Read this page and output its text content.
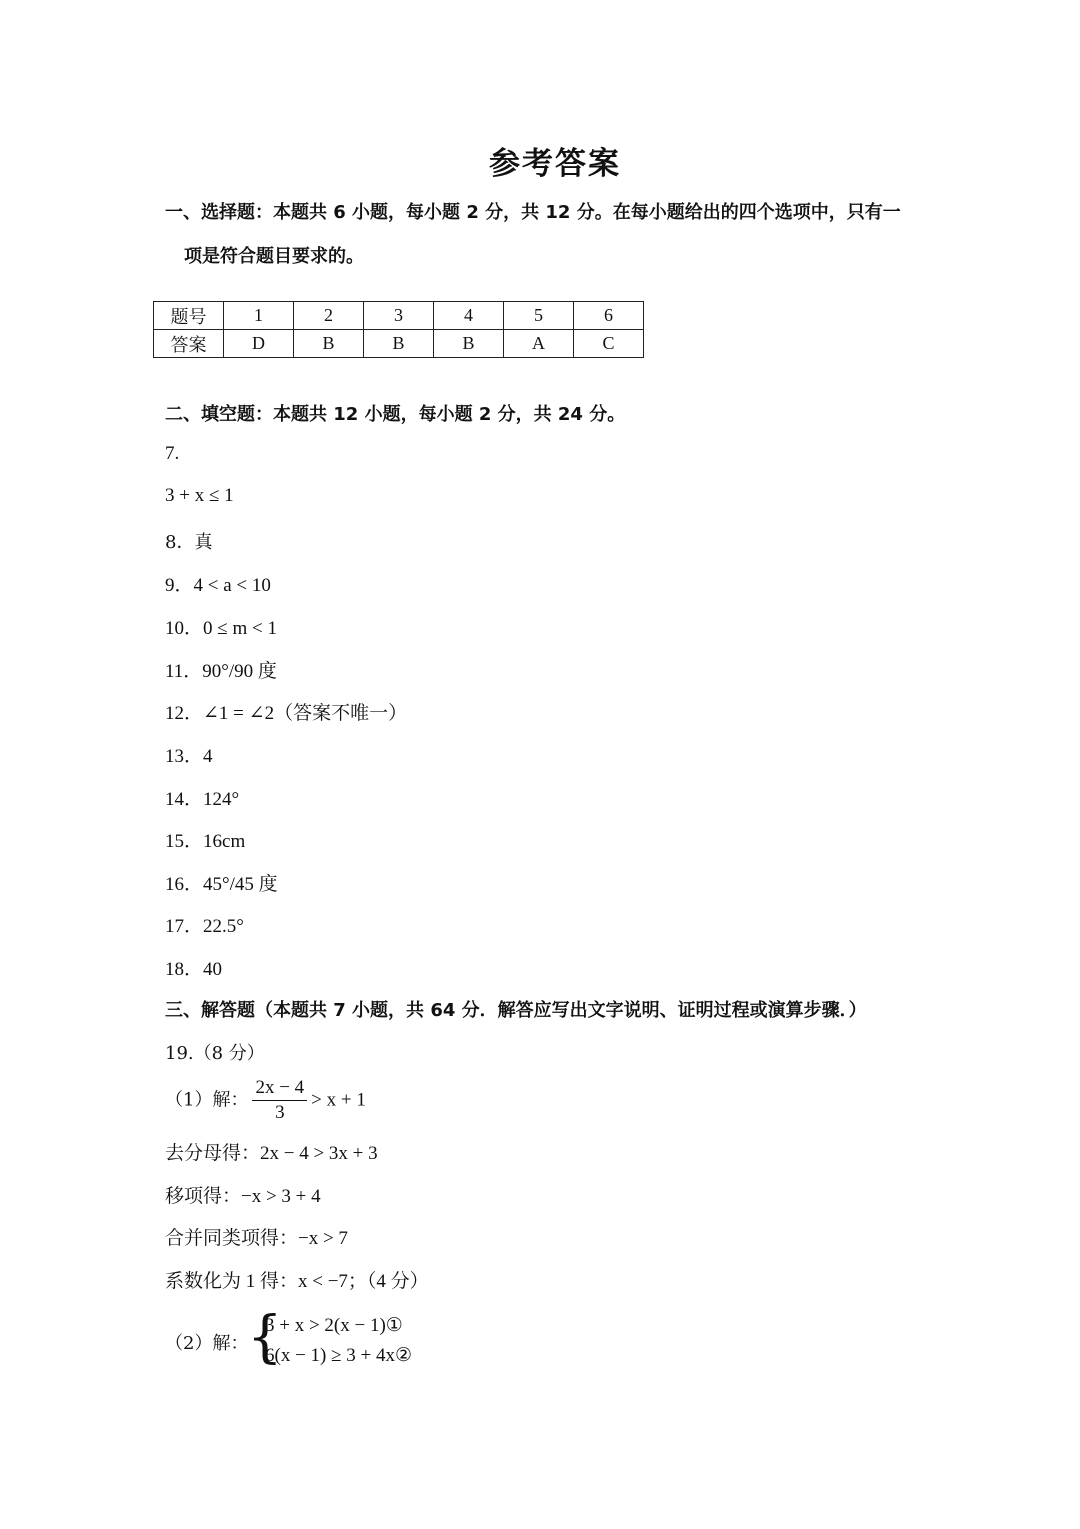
参考答案
一、选择题：本题共 6 小题，每小题 2 分，共 12 分。在每小题给出的四个选项中，只有一
项是符合题目要求的。
题号	1	2	3	4	5	6
答案	D	B	B	B	A	C
二、填空题：本题共 12 小题，每小题 2 分，共 24 分。
7.
3 + x ≤ 1
8．真
9．4 < a < 10
10．0 ≤ m < 1
11．90°/90 度
12．∠1 = ∠2（答案不唯一）
13．4
14．124°
15．16cm
16．45°/45 度
17．22.5°
18．40
三、解答题（本题共 7 小题，共 64 分．解答应写出文字说明、证明过程或演算步骤．）
19.（8 分）
（1）解： $\frac{2x - 4}{3} > x + 1$
去分母得：2x − 4 > 3x + 3
移项得：−x > 3 + 4
合并同类项得：−x > 7
系数化为 1 得：x < −7；（4 分）
（2）解：
{
3 + x > 2(x − 1)①
6(x − 1) ≥ 3 + 4x②
